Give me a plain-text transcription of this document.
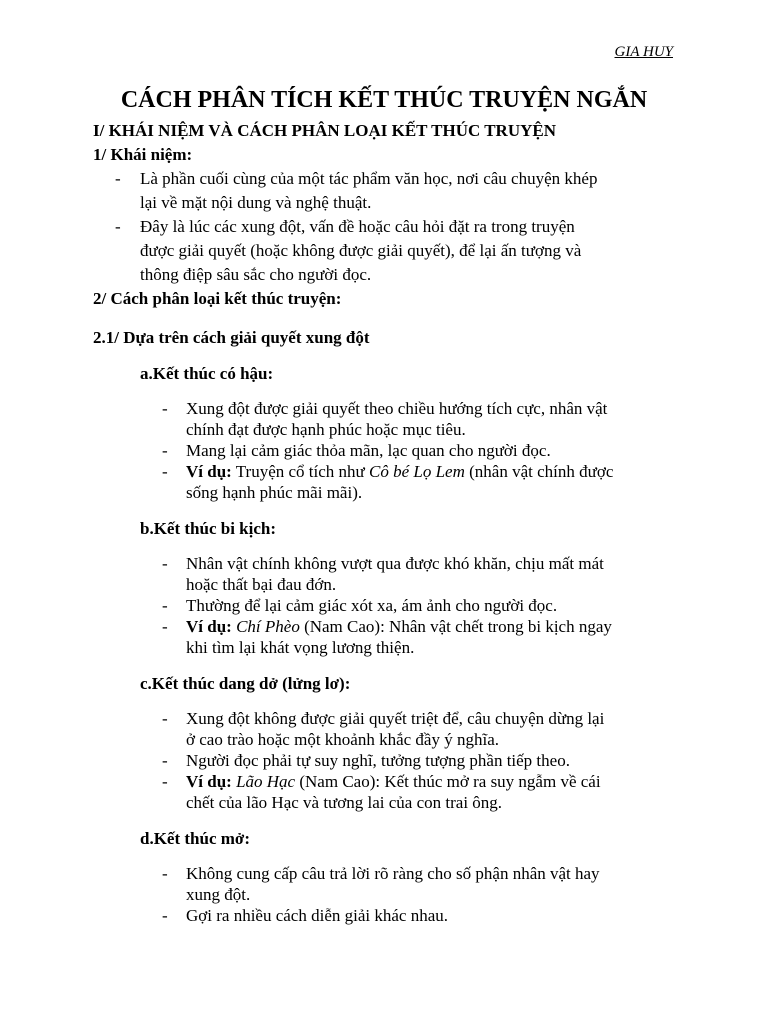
GIA HUY
CÁCH PHÂN TÍCH KẾT THÚC TRUYỆN NGẮN
I/ KHÁI NIỆM VÀ CÁCH PHÂN LOẠI KẾT THÚC TRUYỆN
1/ Khái niệm:
- Là phần cuối cùng của một tác phẩm văn học, nơi câu chuyện khép
lại về mặt nội dung và nghệ thuật.
- Đây là lúc các xung đột, vấn đề hoặc câu hỏi đặt ra trong truyện
được giải quyết (hoặc không được giải quyết), để lại ấn tượng và
thông điệp sâu sắc cho người đọc.
2/ Cách phân loại kết thúc truyện:
2.1/ Dựa trên cách giải quyết xung đột
a.Kết thúc có hậu:
- Xung đột được giải quyết theo chiều hướng tích cực, nhân vật
chính đạt được hạnh phúc hoặc mục tiêu.
- Mang lại cảm giác thỏa mãn, lạc quan cho người đọc.
- Ví dụ: Truyện cổ tích như Cô bé Lọ Lem (nhân vật chính được
sống hạnh phúc mãi mãi).
b.Kết thúc bi kịch:
- Nhân vật chính không vượt qua được khó khăn, chịu mất mát
hoặc thất bại đau đớn.
- Thường để lại cảm giác xót xa, ám ảnh cho người đọc.
- Ví dụ: Chí Phèo (Nam Cao): Nhân vật chết trong bi kịch ngay
khi tìm lại khát vọng lương thiện.
c.Kết thúc dang dở (lửng lơ):
- Xung đột không được giải quyết triệt để, câu chuyện dừng lại
ở cao trào hoặc một khoảnh khắc đầy ý nghĩa.
- Người đọc phải tự suy nghĩ, tưởng tượng phần tiếp theo.
- Ví dụ: Lão Hạc (Nam Cao): Kết thúc mở ra suy ngẫm về cái
chết của lão Hạc và tương lai của con trai ông.
d.Kết thúc mở:
- Không cung cấp câu trả lời rõ ràng cho số phận nhân vật hay
xung đột.
- Gợi ra nhiều cách diễn giải khác nhau.
